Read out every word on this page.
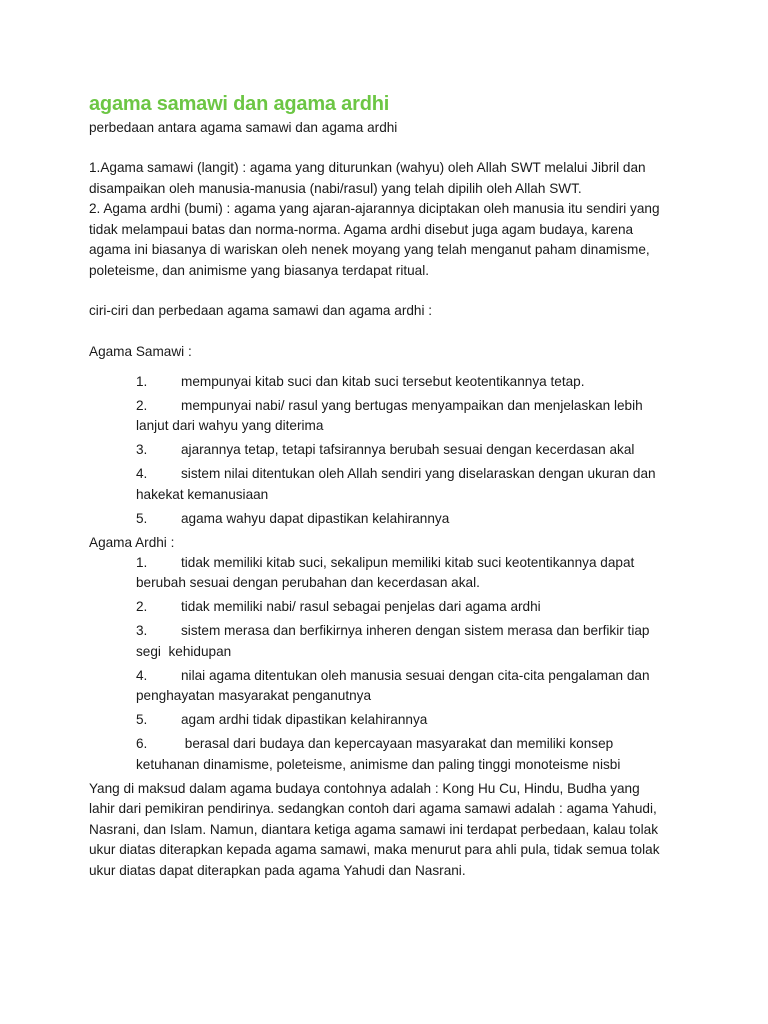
agama samawi dan agama ardhi

perbedaan antara agama samawi dan agama ardhi

1.Agama samawi (langit) : agama yang diturunkan (wahyu) oleh Allah SWT melalui Jibril dan

disampaikan oleh manusia-manusia (nabi/rasul) yang telah dipilih oleh Allah SWT.

2. Agama ardhi (bumi) : agama yang ajaran-ajarannya diciptakan oleh manusia itu sendiri yang

tidak melampaui batas dan norma-norma. Agama ardhi disebut juga agam budaya, karena

agama ini biasanya di wariskan oleh nenek moyang yang telah menganut paham dinamisme,

poleteisme, dan animisme yang biasanya terdapat ritual.

ciri-ciri dan perbedaan agama samawi dan agama ardhi :

Agama Samawi :

1. mempunyai kitab suci dan kitab suci tersebut keotentikannya tetap.
2. mempunyai nabi/ rasul yang bertugas menyampaikan dan menjelaskan lebih
lanjut dari wahyu yang diterima
3. ajarannya tetap, tetapi tafsirannya berubah sesuai dengan kecerdasan akal
4. sistem nilai ditentukan oleh Allah sendiri yang diselaraskan dengan ukuran dan
hakekat kemanusiaan
5. agama wahyu dapat dipastikan kelahirannya

Agama Ardhi :

1. tidak memiliki kitab suci, sekalipun memiliki kitab suci keotentikannya dapat
berubah sesuai dengan perubahan dan kecerdasan akal.
2. tidak memiliki nabi/ rasul sebagai penjelas dari agama ardhi
3. sistem merasa dan berfikirnya inheren dengan sistem merasa dan berfikir tiap
segi  kehidupan
4. nilai agama ditentukan oleh manusia sesuai dengan cita-cita pengalaman dan
penghayatan masyarakat penganutnya
5. agam ardhi tidak dipastikan kelahirannya
6. berasal dari budaya dan kepercayaan masyarakat dan memiliki konsep
ketuhanan dinamisme, poleteisme, animisme dan paling tinggi monoteisme nisbi

Yang di maksud dalam agama budaya contohnya adalah : Kong Hu Cu, Hindu, Budha yang

lahir dari pemikiran pendirinya. sedangkan contoh dari agama samawi adalah : agama Yahudi,

Nasrani, dan Islam. Namun, diantara ketiga agama samawi ini terdapat perbedaan, kalau tolak

ukur diatas diterapkan kepada agama samawi, maka menurut para ahli pula, tidak semua tolak

ukur diatas dapat diterapkan pada agama Yahudi dan Nasrani.
